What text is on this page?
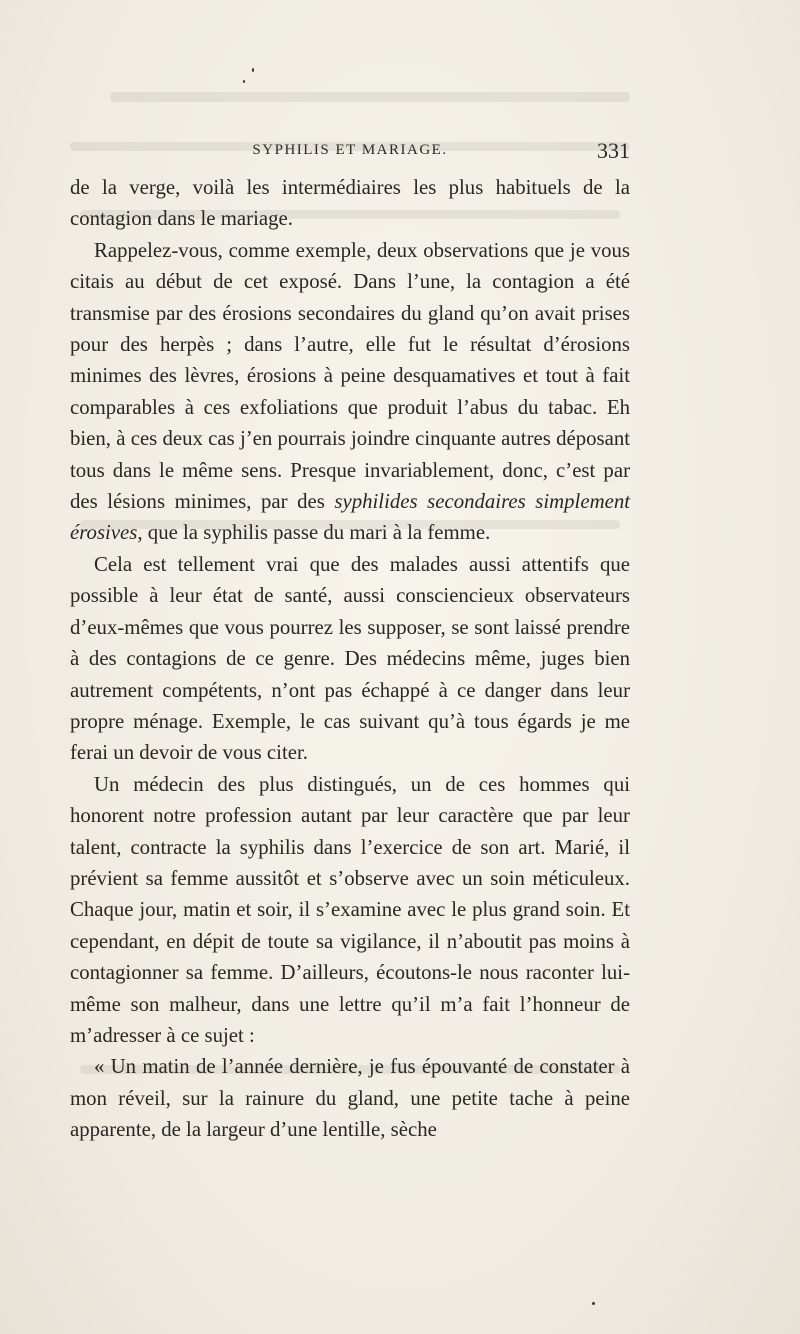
SYPHILIS ET MARIAGE.	331

de la verge, voilà les intermédiaires les plus habituels de la contagion dans le mariage.

Rappelez-vous, comme exemple, deux observations que je vous citais au début de cet exposé. Dans l’une, la contagion a été transmise par des érosions secondaires du gland qu’on avait prises pour des herpès ; dans l’autre, elle fut le résultat d’érosions minimes des lèvres, érosions à peine desquamatives et tout à fait comparables à ces exfoliations que produit l’abus du tabac. Eh bien, à ces deux cas j’en pourrais joindre cinquante autres déposant tous dans le même sens. Presque invariablement, donc, c’est par des lésions minimes, par des syphilides secondaires simplement érosives, que la syphilis passe du mari à la femme.

Cela est tellement vrai que des malades aussi attentifs que possible à leur état de santé, aussi consciencieux observateurs d’eux-mêmes que vous pourrez les supposer, se sont laissé prendre à des contagions de ce genre. Des médecins même, juges bien autrement compétents, n’ont pas échappé à ce danger dans leur propre ménage. Exemple, le cas suivant qu’à tous égards je me ferai un devoir de vous citer.

Un médecin des plus distingués, un de ces hommes qui honorent notre profession autant par leur caractère que par leur talent, contracte la syphilis dans l’exercice de son art. Marié, il prévient sa femme aussitôt et s’observe avec un soin méticuleux. Chaque jour, matin et soir, il s’examine avec le plus grand soin. Et cependant, en dépit de toute sa vigilance, il n’aboutit pas moins à contagionner sa femme. D’ailleurs, écoutons-le nous raconter lui-même son malheur, dans une lettre qu’il m’a fait l’honneur de m’adresser à ce sujet :

« Un matin de l’année dernière, je fus épouvanté de constater à mon réveil, sur la rainure du gland, une petite tache à peine apparente, de la largeur d’une lentille, sèche
